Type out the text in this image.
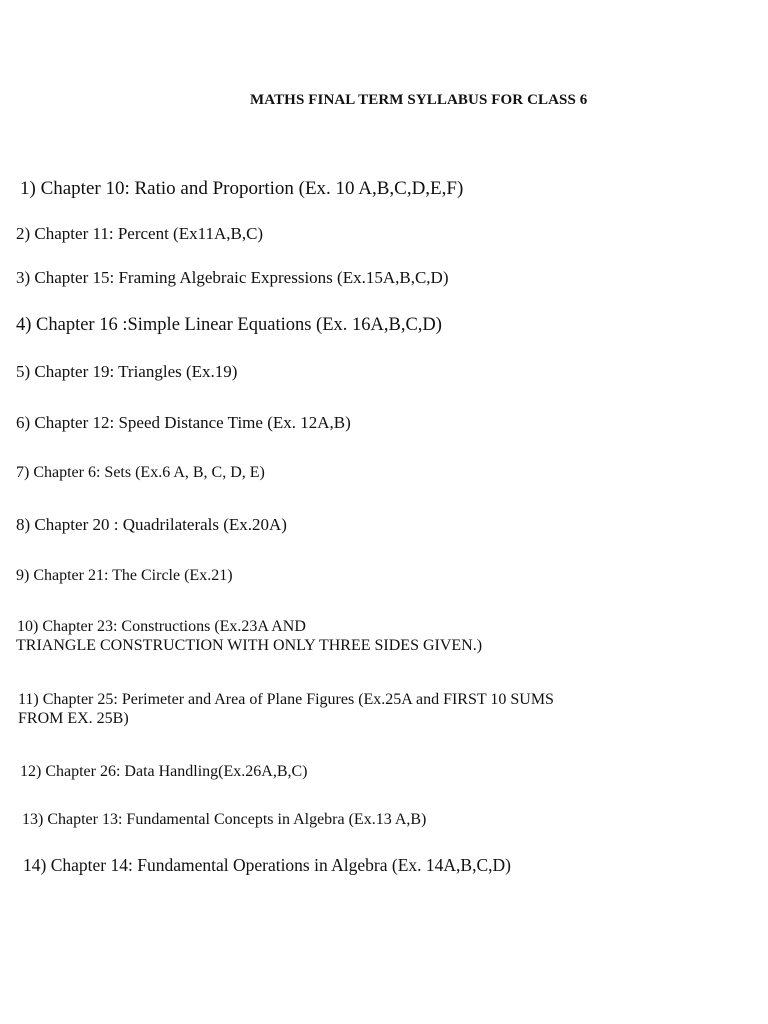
MATHS FINAL TERM SYLLABUS FOR CLASS 6
1) Chapter 10: Ratio and Proportion (Ex. 10 A,B,C,D,E,F)
2) Chapter 11: Percent (Ex11A,B,C)
3) Chapter 15: Framing Algebraic Expressions (Ex.15A,B,C,D)
4) Chapter 16 :Simple Linear Equations (Ex. 16A,B,C,D)
5) Chapter 19: Triangles (Ex.19)
6) Chapter 12: Speed Distance Time (Ex. 12A,B)
7) Chapter 6: Sets (Ex.6 A, B, C, D, E)
8) Chapter 20 : Quadrilaterals (Ex.20A)
9) Chapter 21: The Circle (Ex.21)
10) Chapter 23: Constructions (Ex.23A AND
TRIANGLE CONSTRUCTION WITH ONLY THREE SIDES GIVEN.)
11) Chapter 25: Perimeter and Area of Plane Figures (Ex.25A and FIRST 10 SUMS
FROM EX. 25B)
12) Chapter 26: Data Handling(Ex.26A,B,C)
13) Chapter 13: Fundamental Concepts in Algebra (Ex.13 A,B)
14) Chapter 14: Fundamental Operations in Algebra (Ex. 14A,B,C,D)
